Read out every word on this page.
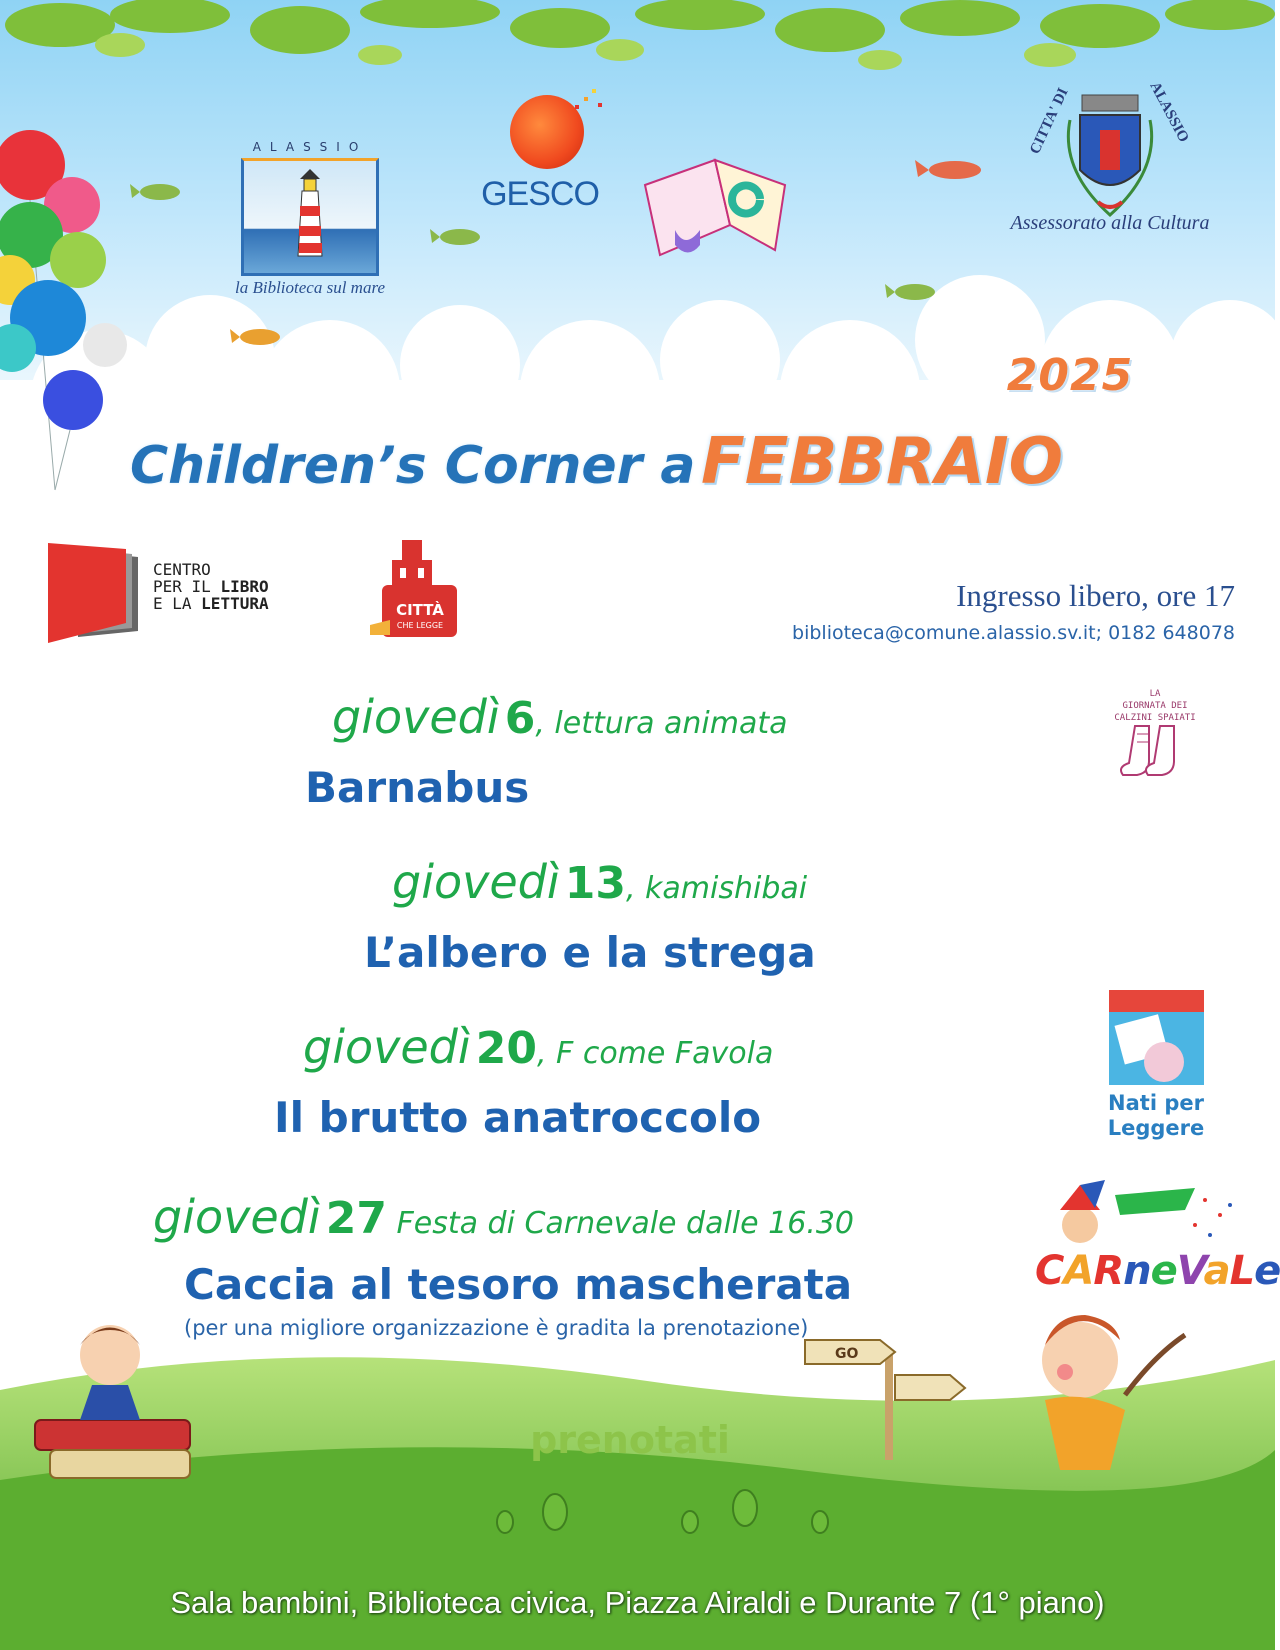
ALASSIO
la Biblioteca sul mare
GESCO
CITTA' DI	ALASSIO
Assessorato alla Cultura
2025
Children’s Corner a FEBBRAIO
CENTRO
PER IL LIBRO
E LA LETTURA	CITTÀ
CHE LEGGE
Ingresso libero, ore 17
biblioteca@comune.alassio.sv.it; 0182 648078
giovedì 6, lettura animata
Barnabus
giovedì 13, kamishibai
L’albero e la strega
giovedì 20, F come Favola
Il brutto anatroccolo
giovedì 27 Festa di Carnevale dalle 16.30
Caccia al tesoro mascherata
(per una migliore organizzazione è gradita la prenotazione)
LA
GIORNATA DEI
CALZINI SPAIATI
Nati per
Leggere
CARneVaLe
GO
prenotati
Sala bambini, Biblioteca civica, Piazza Airaldi e Durante 7 (1° piano)
